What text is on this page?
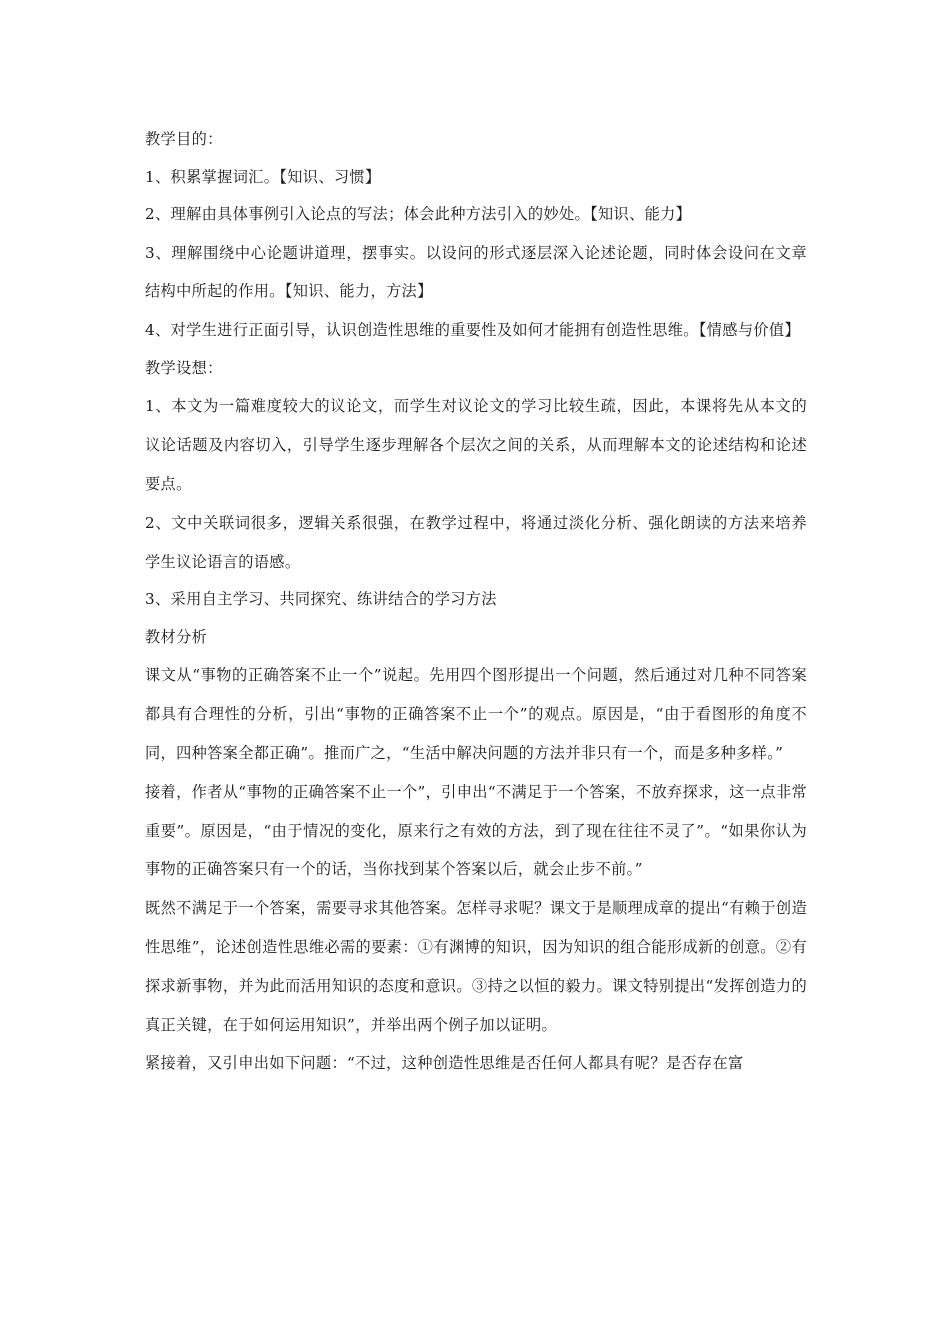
教学目的：

1、积累掌握词汇。【知识、习惯】

2、理解由具体事例引入论点的写法；体会此种方法引入的妙处。【知识、能力】

3、理解围绕中心论题讲道理，摆事实。以设问的形式逐层深入论述论题，同时体会设问在文章结构中所起的作用。【知识、能力，方法】

4、对学生进行正面引导，认识创造性思维的重要性及如何才能拥有创造性思维。【情感与价值】

教学设想：

1、本文为一篇难度较大的议论文，而学生对议论文的学习比较生疏，因此，本课将先从本文的议论话题及内容切入，引导学生逐步理解各个层次之间的关系，从而理解本文的论述结构和论述要点。

2、文中关联词很多，逻辑关系很强，在教学过程中，将通过淡化分析、强化朗读的方法来培养学生议论语言的语感。

3、采用自主学习、共同探究、练讲结合的学习方法

教材分析

课文从“事物的正确答案不止一个”说起。先用四个图形提出一个问题，然后通过对几种不同答案都具有合理性的分析，引出“事物的正确答案不止一个”的观点。原因是，“由于看图形的角度不同，四种答案全都正确”。推而广之，“生活中解决问题的方法并非只有一个，而是多种多样。”

接着，作者从“事物的正确答案不止一个”，引申出“不满足于一个答案，不放弃探求，这一点非常重要”。原因是，“由于情况的变化，原来行之有效的方法，到了现在往往不灵了”。“如果你认为事物的正确答案只有一个的话，当你找到某个答案以后，就会止步不前。”

既然不满足于一个答案，需要寻求其他答案。怎样寻求呢？课文于是顺理成章的提出“有赖于创造性思维”，论述创造性思维必需的要素：①有渊博的知识，因为知识的组合能形成新的创意。②有探求新事物，并为此而活用知识的态度和意识。③持之以恒的毅力。课文特别提出“发挥创造力的真正关键，在于如何运用知识”，并举出两个例子加以证明。

紧接着，又引申出如下问题：“不过，这种创造性思维是否任何人都具有呢？是否存在富
